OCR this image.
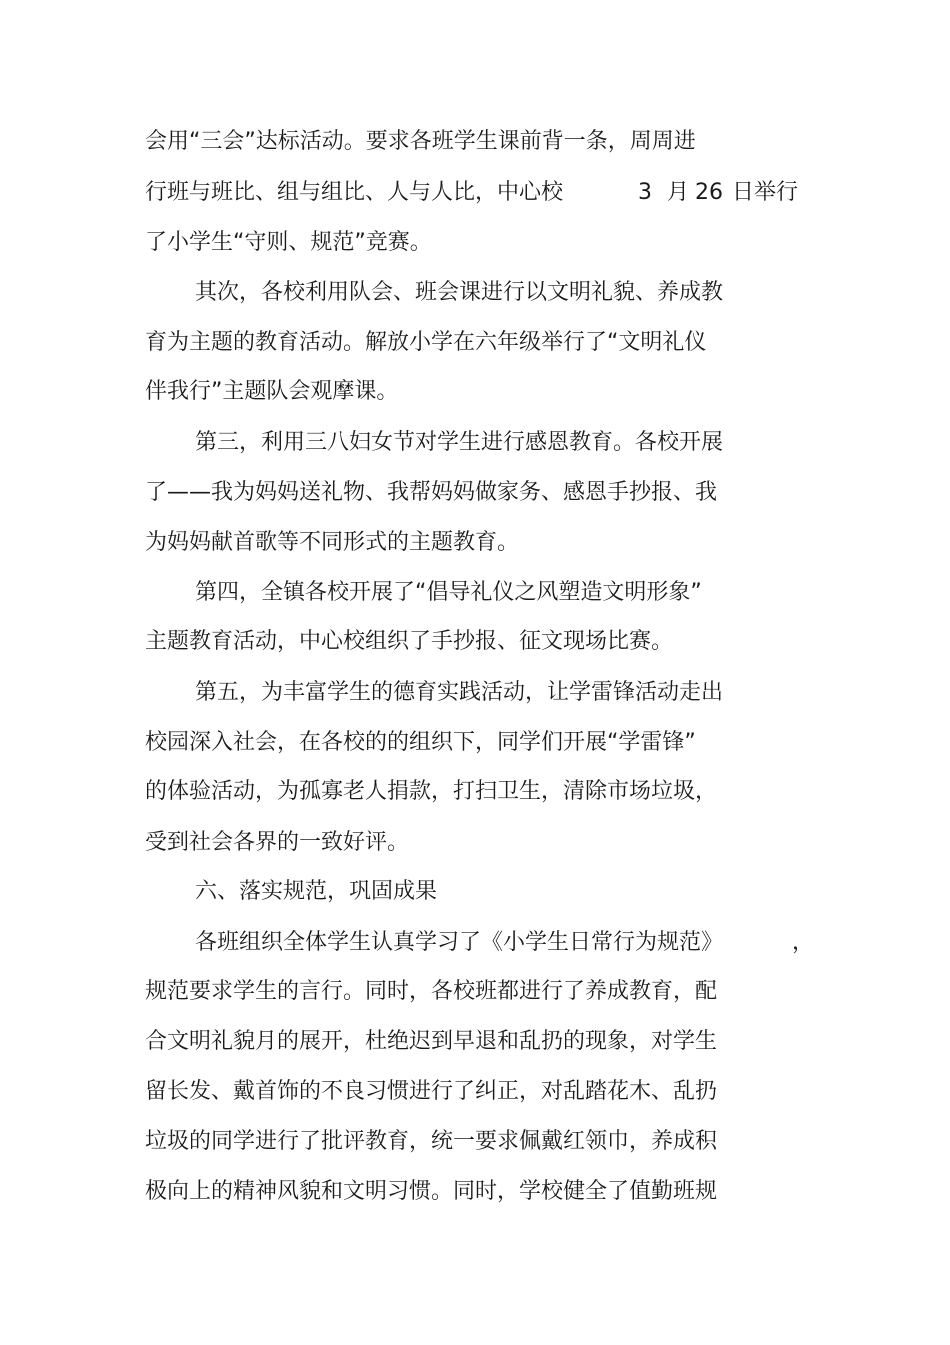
会用“三会”达标活动。要求各班学生课前背一条，周周进
行班与班比、组与组比、人与人比，中心校	3 月 26 日举行
了小学生“守则、规范”竞赛。
其次，各校利用队会、班会课进行以文明礼貌、养成教
育为主题的教育活动。解放小学在六年级举行了“文明礼仪
伴我行”主题队会观摩课。
第三，利用三八妇女节对学生进行感恩教育。各校开展
了——我为妈妈送礼物、我帮妈妈做家务、感恩手抄报、我
为妈妈献首歌等不同形式的主题教育。
第四，全镇各校开展了“倡导礼仪之风塑造文明形象”
主题教育活动，中心校组织了手抄报、征文现场比赛。
第五，为丰富学生的德育实践活动，让学雷锋活动走出
校园深入社会，在各校的的组织下，同学们开展“学雷锋”
的体验活动，为孤寡老人捐款，打扫卫生，清除市场垃圾，
受到社会各界的一致好评。
六、落实规范，巩固成果
各班组织全体学生认真学习了《小学生日常行为规范》	，
规范要求学生的言行。同时，各校班都进行了养成教育，配
合文明礼貌月的展开，杜绝迟到早退和乱扔的现象，对学生
留长发、戴首饰的不良习惯进行了纠正，对乱踏花木、乱扔
垃圾的同学进行了批评教育，统一要求佩戴红领巾，养成积
极向上的精神风貌和文明习惯。同时，学校健全了值勤班规
